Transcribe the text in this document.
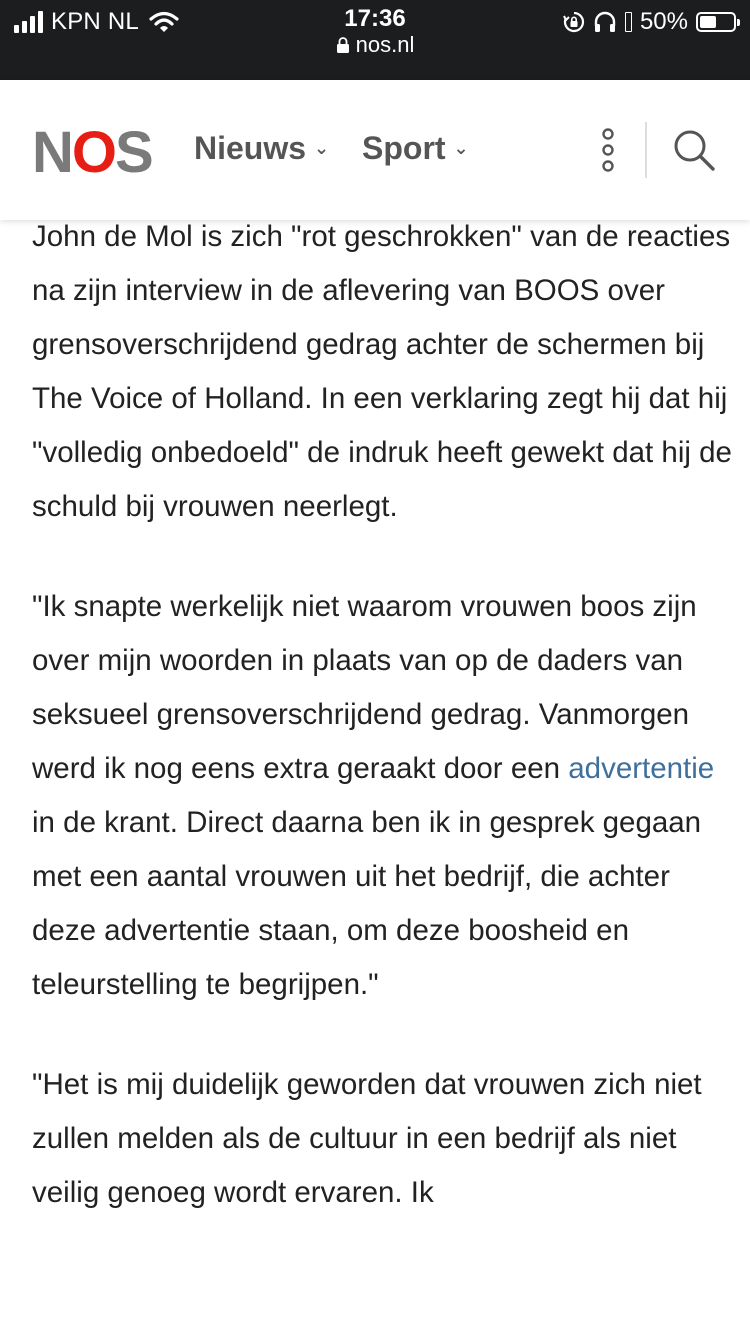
KPN NL	17:36
nos.nl
50%
NOS Nieuws ⌄ Sport ⌄

John de Mol is zich "rot geschrokken" van de reacties na zijn interview in de aflevering van BOOS over grensoverschrijdend gedrag achter de schermen bij The Voice of Holland. In een verklaring zegt hij dat hij "volledig onbedoeld" de indruk heeft gewekt dat hij de schuld bij vrouwen neerlegt.

"Ik snapte werkelijk niet waarom vrouwen boos zijn over mijn woorden in plaats van op de daders van seksueel grensoverschrijdend gedrag. Vanmorgen werd ik nog eens extra geraakt door een advertentie in de krant. Direct daarna ben ik in gesprek gegaan met een aantal vrouwen uit het bedrijf, die achter deze advertentie staan, om deze boosheid en teleurstelling te begrijpen."

"Het is mij duidelijk geworden dat vrouwen zich niet zullen melden als de cultuur in een bedrijf als niet veilig genoeg wordt ervaren. Ik
